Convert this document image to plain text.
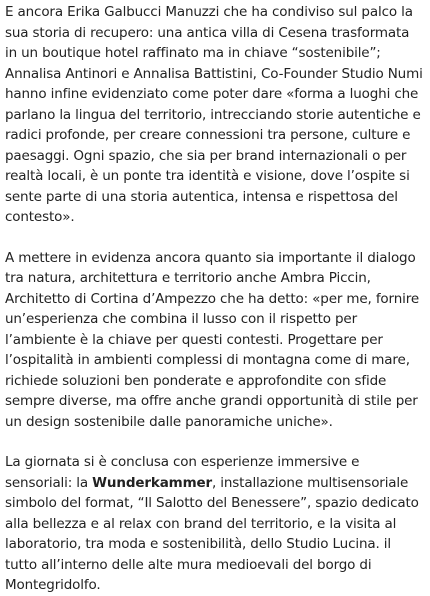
E ancora Erika Galbucci Manuzzi che ha condiviso sul palco la sua storia di recupero: una antica villa di Cesena trasformata in un boutique hotel raffinato ma in chiave “sostenibile”; Annalisa Antinori e Annalisa Battistini, Co-Founder Studio Numi hanno infine evidenziato come poter dare «forma a luoghi che parlano la lingua del territorio, intrecciando storie autentiche e radici profonde, per creare connessioni tra persone, culture e paesaggi. Ogni spazio, che sia per brand internazionali o per realtà locali, è un ponte tra identità e visione, dove l’ospite si sente parte di una storia autentica, intensa e rispettosa del contesto».

A mettere in evidenza ancora quanto sia importante il dialogo tra natura, architettura e territorio anche Ambra Piccin, Architetto di Cortina d’Ampezzo che ha detto: «per me, fornire un’esperienza che combina il lusso con il rispetto per l’ambiente è la chiave per questi contesti. Progettare per l’ospitalità in ambienti complessi di montagna come di mare, richiede soluzioni ben ponderate e approfondite con sfide sempre diverse, ma offre anche grandi opportunità di stile per un design sostenibile dalle panoramiche uniche».

La giornata si è conclusa con esperienze immersive e sensoriali: la Wunderkammer, installazione multisensoriale simbolo del format, “Il Salotto del Benessere”, spazio dedicato alla bellezza e al relax con brand del territorio, e la visita al laboratorio, tra moda e sostenibilità, dello Studio Lucina. il tutto all’interno delle alte mura medioevali del borgo di Montegridolfo.
